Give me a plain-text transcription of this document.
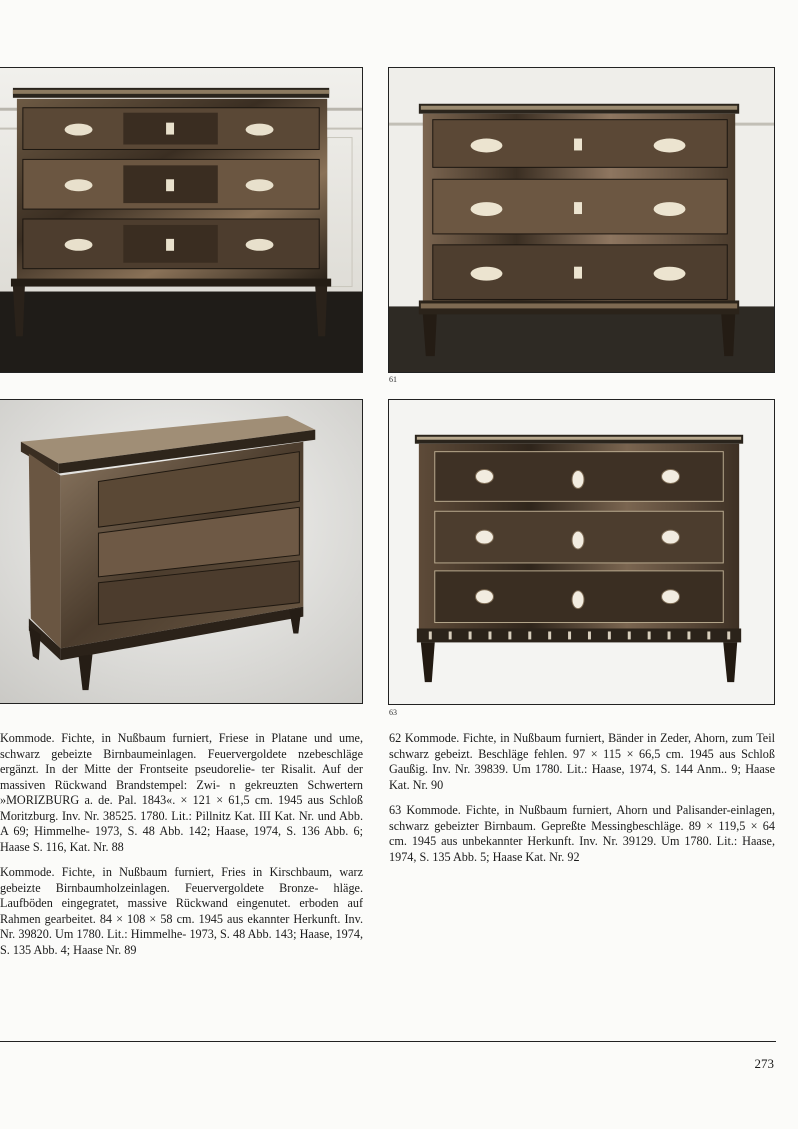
61
63

Kommode. Fichte, in Nußbaum furniert, Friese in Platane und ume, schwarz gebeizte Birnbaumeinlagen. Feuervergoldete nzebeschläge ergänzt. In der Mitte der Frontseite pseudorelie- ter Risalit. Auf der massiven Rückwand Brandstempel: Zwi- n gekreuzten Schwertern »MORIZBURG a. de. Pal. 1843«. × 121 × 61,5 cm. 1945 aus Schloß Moritzburg. Inv. Nr. 38525. 1780. Lit.: Pillnitz Kat. III Kat. Nr. und Abb. A 69; Himmelhe- 1973, S. 48 Abb. 142; Haase, 1974, S. 136 Abb. 6; Haase S. 116, Kat. Nr. 88

Kommode. Fichte, in Nußbaum furniert, Fries in Kirschbaum, warz gebeizte Birnbaumholzeinlagen. Feuervergoldete Bronze- hläge. Laufböden eingegratet, massive Rückwand eingenutet. erboden auf Rahmen gearbeitet. 84 × 108 × 58 cm. 1945 aus ekannter Herkunft. Inv. Nr. 39820. Um 1780. Lit.: Himmelhe- 1973, S. 48 Abb. 143; Haase, 1974, S. 135 Abb. 4; Haase Nr. 89

62 Kommode. Fichte, in Nußbaum furniert, Bänder in Zeder, Ahorn, zum Teil schwarz gebeizt. Beschläge fehlen. 97 × 115 × 66,5 cm. 1945 aus Schloß Gaußig. Inv. Nr. 39839. Um 1780. Lit.: Haase, 1974, S. 144 Anm.. 9; Haase Kat. Nr. 90

63 Kommode. Fichte, in Nußbaum furniert, Ahorn und Palisander-einlagen, schwarz gebeizter Birnbaum. Gepreßte Messingbeschläge. 89 × 119,5 × 64 cm. 1945 aus unbekannter Herkunft. Inv. Nr. 39129. Um 1780. Lit.: Haase, 1974, S. 135 Abb. 5; Haase Kat. Nr. 92

273
